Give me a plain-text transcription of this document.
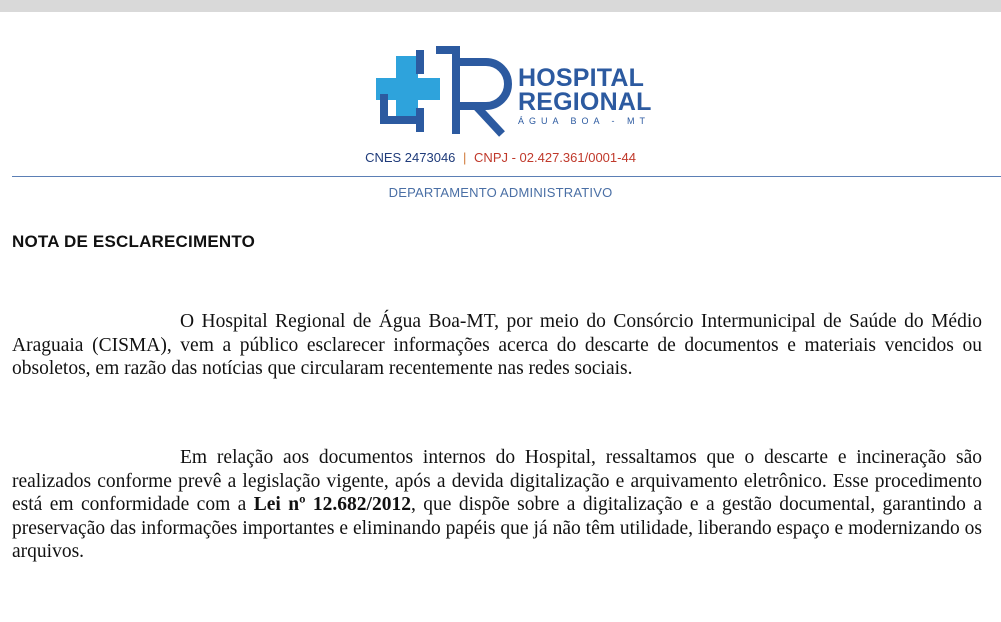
HOSPITAL
REGIONAL
ÁGUA BOA - MT
CNES 2473046 | CNPJ - 02.427.361/0001-44
DEPARTAMENTO ADMINISTRATIVO
NOTA DE ESCLARECIMENTO

O Hospital Regional de Água Boa-MT, por meio do Consórcio Intermunicipal de Saúde do Médio Araguaia (CISMA), vem a público esclarecer informações acerca do descarte de documentos e materiais vencidos ou obsoletos, em razão das notícias que circularam recentemente nas redes sociais.

Em relação aos documentos internos do Hospital, ressaltamos que o descarte e incineração são realizados conforme prevê a legislação vigente, após a devida digitalização e arquivamento eletrônico. Esse procedimento está em conformidade com a Lei nº 12.682/2012, que dispõe sobre a digitalização e a gestão documental, garantindo a preservação das informações importantes e eliminando papéis que já não têm utilidade, liberando espaço e modernizando os arquivos.
